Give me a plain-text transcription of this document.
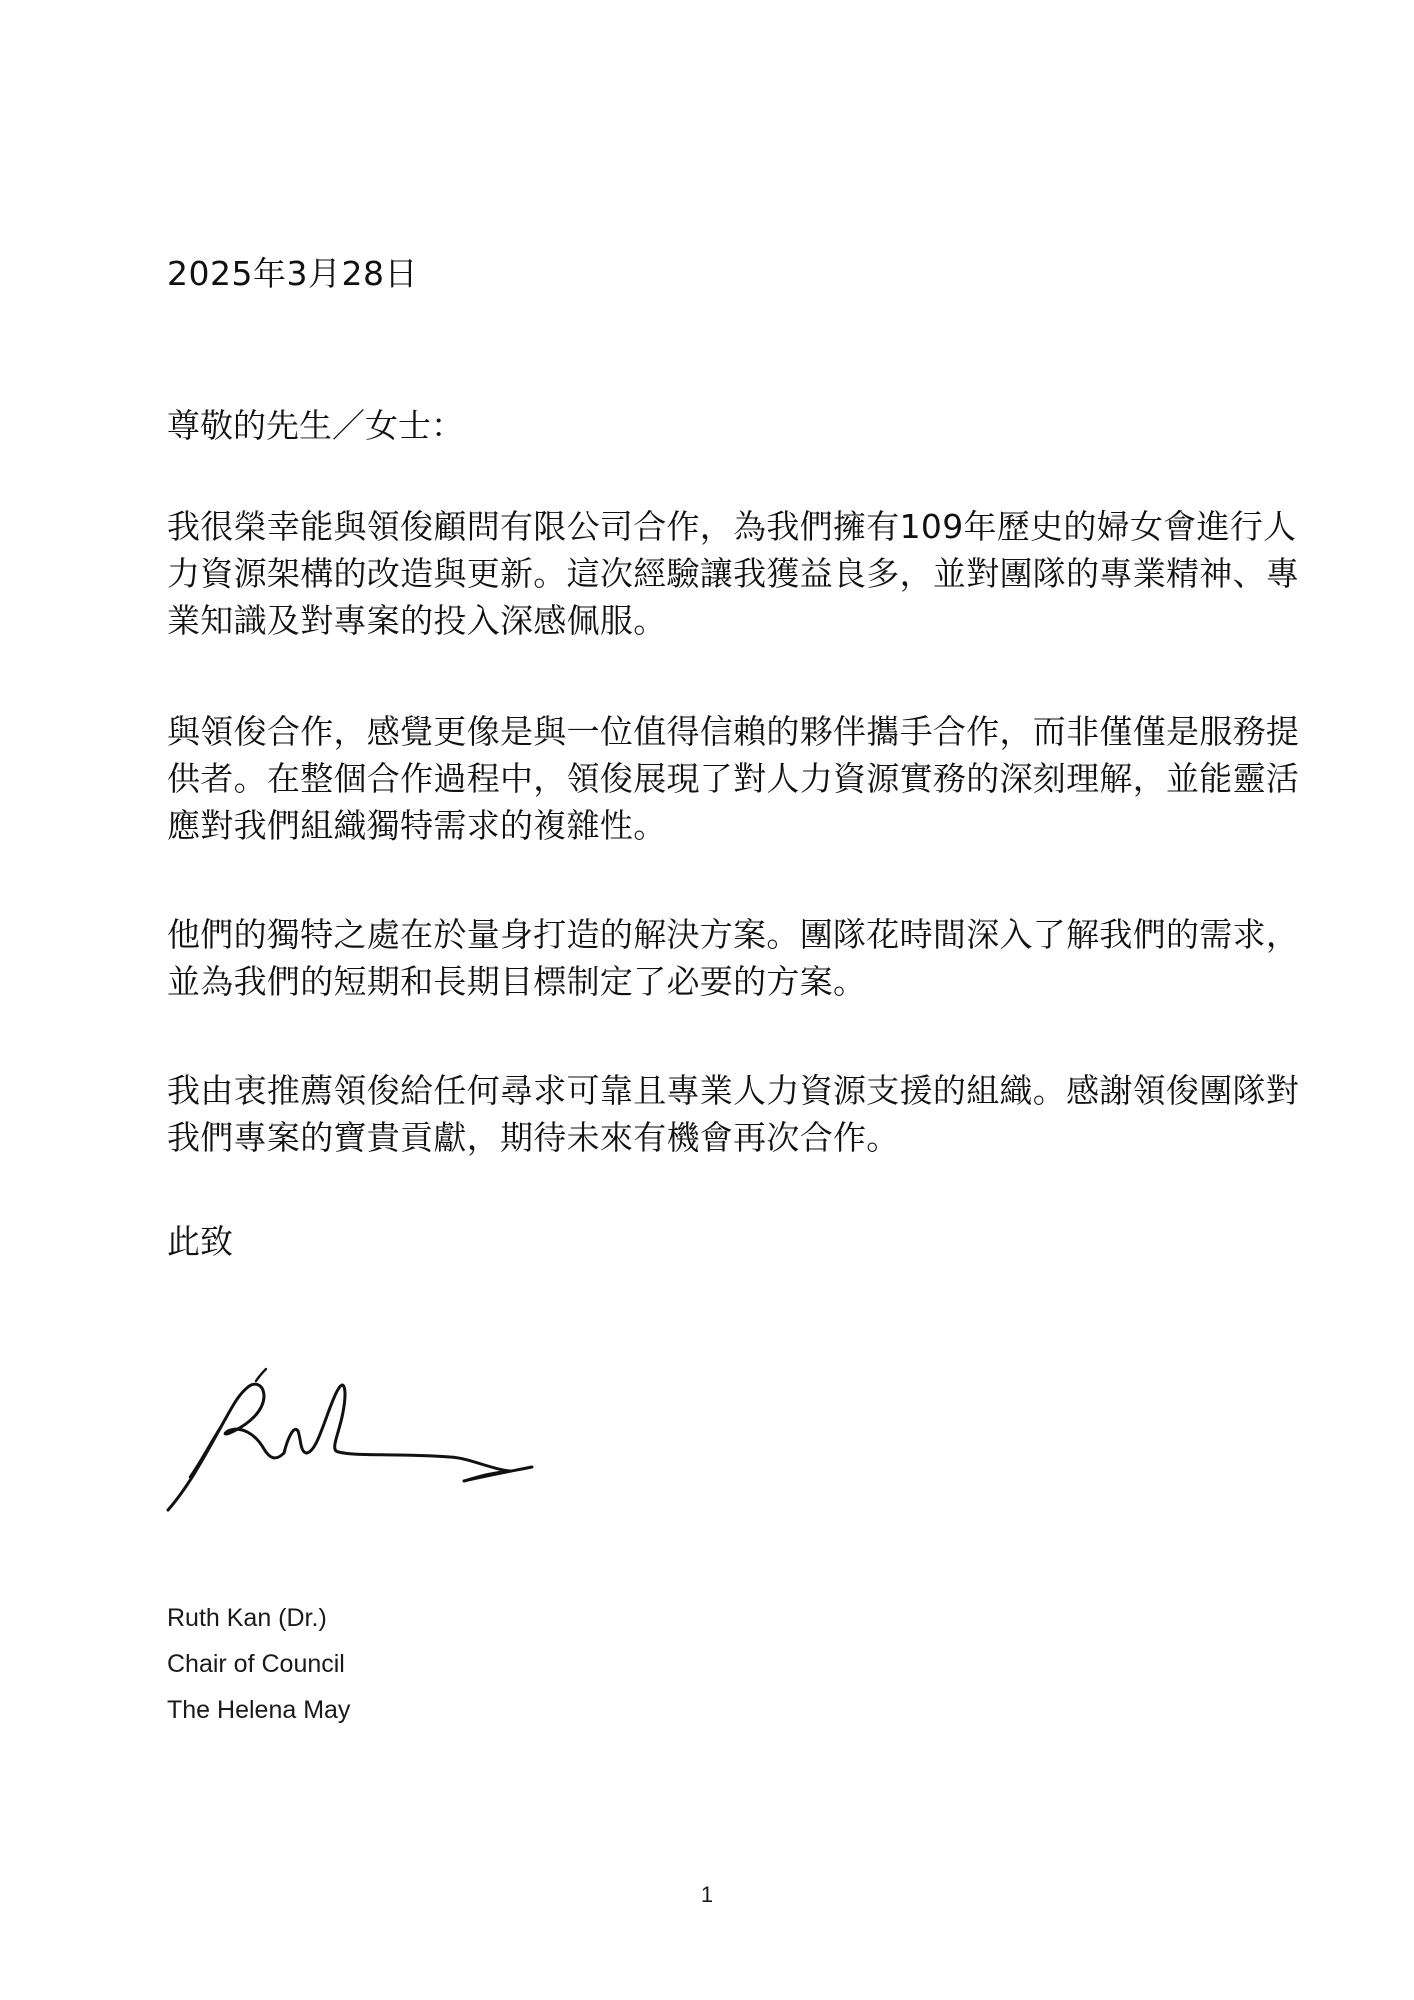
2025年3月28日

尊敬的先生／女士：

我很榮幸能與領俊顧問有限公司合作，為我們擁有109年歷史的婦女會進行人力資源架構的改造與更新。這次經驗讓我獲益良多，並對團隊的專業精神、專業知識及對專案的投入深感佩服。

與領俊合作，感覺更像是與一位值得信賴的夥伴攜手合作，而非僅僅是服務提供者。在整個合作過程中，領俊展現了對人力資源實務的深刻理解，並能靈活應對我們組織獨特需求的複雜性。

他們的獨特之處在於量身打造的解決方案。團隊花時間深入了解我們的需求，並為我們的短期和長期目標制定了必要的方案。

我由衷推薦領俊給任何尋求可靠且專業人力資源支援的組織。感謝領俊團隊對我們專案的寶貴貢獻，期待未來有機會再次合作。

此致

Ruth Kan (Dr.)
Chair of Council
The Helena May
1
